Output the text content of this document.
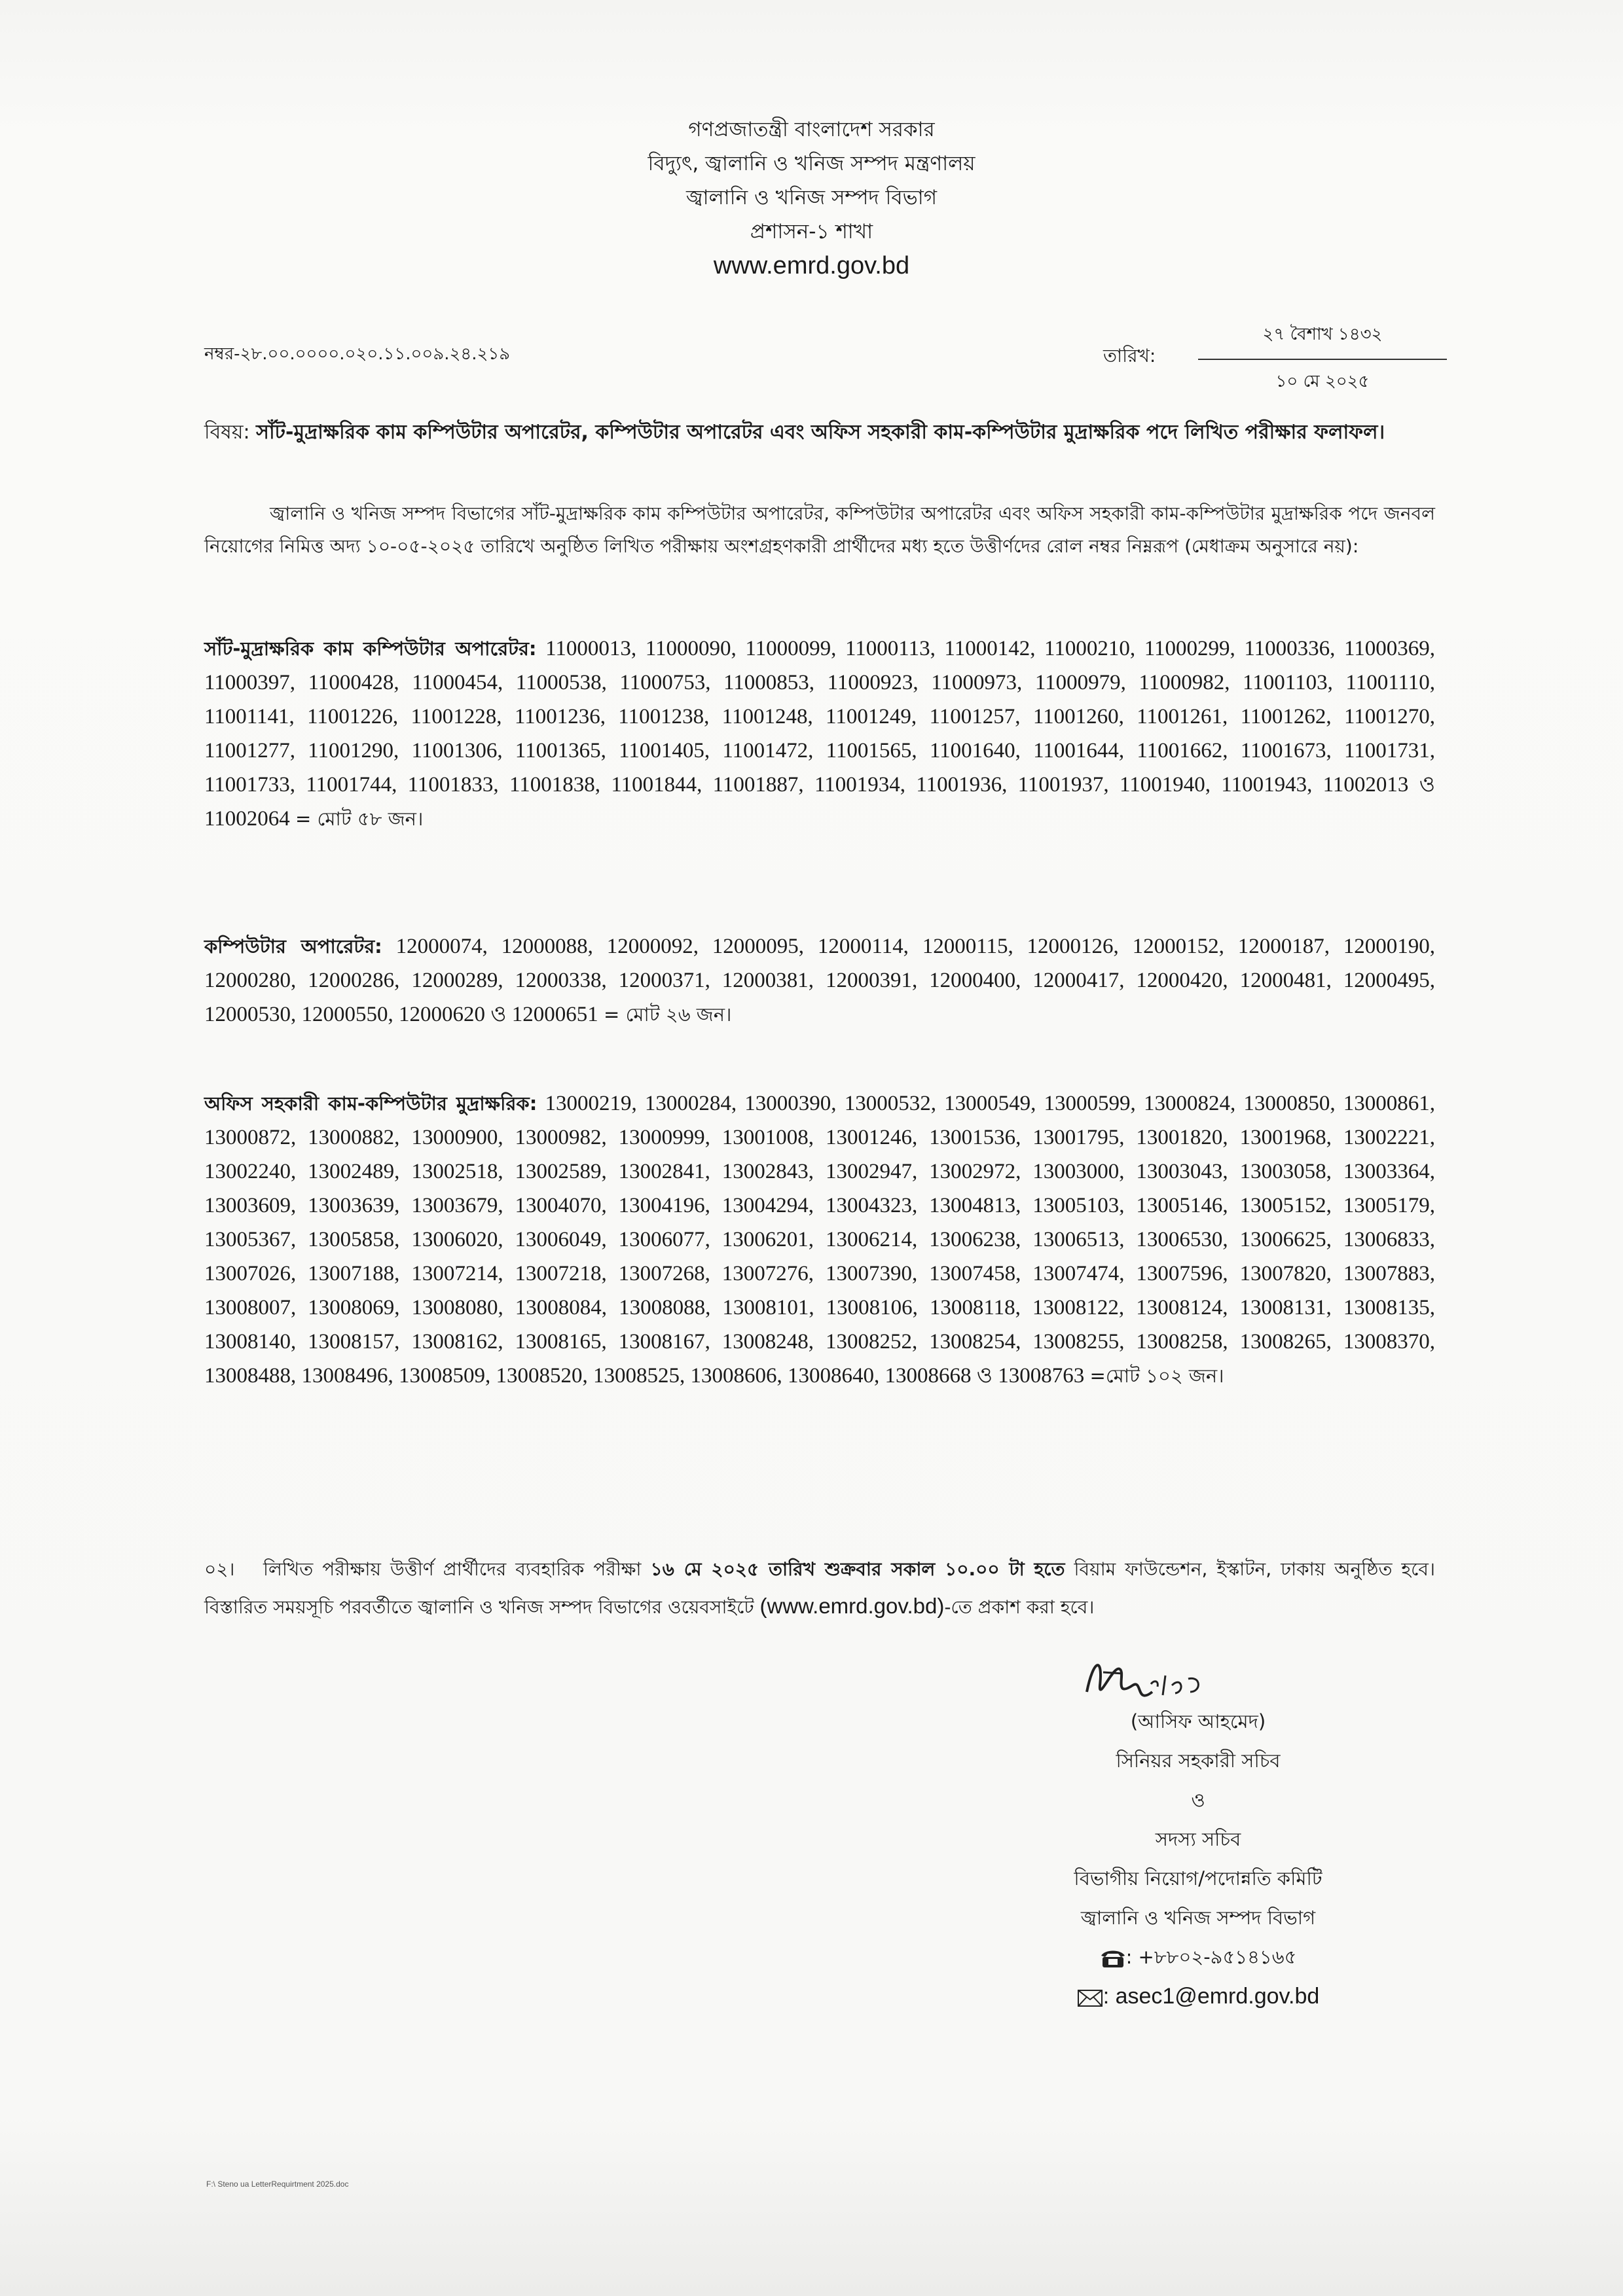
গণপ্রজাতন্ত্রী বাংলাদেশ সরকার
বিদ্যুৎ, জ্বালানি ও খনিজ সম্পদ মন্ত্রণালয়
জ্বালানি ও খনিজ সম্পদ বিভাগ
প্রশাসন-১ শাখা
www.emrd.gov.bd
নম্বর-২৮.০০.০০০০.০২০.১১.০০৯.২৪.২১৯	তারিখ:
২৭ বৈশাখ ১৪৩২
১০ মে ২০২৫
বিষয়: সাঁট-মুদ্রাক্ষরিক কাম কম্পিউটার অপারেটর, কম্পিউটার অপারেটর এবং অফিস সহকারী কাম-কম্পিউটার মুদ্রাক্ষরিক পদে লিখিত পরীক্ষার ফলাফল।
জ্বালানি ও খনিজ সম্পদ বিভাগের সাঁট-মুদ্রাক্ষরিক কাম কম্পিউটার অপারেটর, কম্পিউটার অপারেটর এবং অফিস সহকারী কাম-কম্পিউটার মুদ্রাক্ষরিক পদে জনবল নিয়োগের নিমিত্ত অদ্য ১০-০৫-২০২৫ তারিখে অনুষ্ঠিত লিখিত পরীক্ষায় অংশগ্রহণকারী প্রার্থীদের মধ্য হতে উত্তীর্ণদের রোল নম্বর নিম্নরূপ (মেধাক্রম অনুসারে নয়):
সাঁট-মুদ্রাক্ষরিক কাম কম্পিউটার অপারেটর: 11000013, 11000090, 11000099, 11000113, 11000142, 11000210, 11000299, 11000336, 11000369, 11000397, 11000428, 11000454, 11000538, 11000753, 11000853, 11000923, 11000973, 11000979, 11000982, 11001103, 11001110, 11001141, 11001226, 11001228, 11001236, 11001238, 11001248, 11001249, 11001257, 11001260, 11001261, 11001262, 11001270, 11001277, 11001290, 11001306, 11001365, 11001405, 11001472, 11001565, 11001640, 11001644, 11001662, 11001673, 11001731, 11001733, 11001744, 11001833, 11001838, 11001844, 11001887, 11001934, 11001936, 11001937, 11001940, 11001943, 11002013 ও 11002064 = মোট ৫৮ জন।
কম্পিউটার অপারেটর: 12000074, 12000088, 12000092, 12000095, 12000114, 12000115, 12000126, 12000152, 12000187, 12000190, 12000280, 12000286, 12000289, 12000338, 12000371, 12000381, 12000391, 12000400, 12000417, 12000420, 12000481, 12000495, 12000530, 12000550, 12000620 ও 12000651 = মোট ২৬ জন।
অফিস সহকারী কাম-কম্পিউটার মুদ্রাক্ষরিক: 13000219, 13000284, 13000390, 13000532, 13000549, 13000599, 13000824, 13000850, 13000861, 13000872, 13000882, 13000900, 13000982, 13000999, 13001008, 13001246, 13001536, 13001795, 13001820, 13001968, 13002221, 13002240, 13002489, 13002518, 13002589, 13002841, 13002843, 13002947, 13002972, 13003000, 13003043, 13003058, 13003364, 13003609, 13003639, 13003679, 13004070, 13004196, 13004294, 13004323, 13004813, 13005103, 13005146, 13005152, 13005179, 13005367, 13005858, 13006020, 13006049, 13006077, 13006201, 13006214, 13006238, 13006513, 13006530, 13006625, 13006833, 13007026, 13007188, 13007214, 13007218, 13007268, 13007276, 13007390, 13007458, 13007474, 13007596, 13007820, 13007883, 13008007, 13008069, 13008080, 13008084, 13008088, 13008101, 13008106, 13008118, 13008122, 13008124, 13008131, 13008135, 13008140, 13008157, 13008162, 13008165, 13008167, 13008248, 13008252, 13008254, 13008255, 13008258, 13008265, 13008370, 13008488, 13008496, 13008509, 13008520, 13008525, 13008606, 13008640, 13008668 ও 13008763 =মোট ১০২ জন।
০২। লিখিত পরীক্ষায় উত্তীর্ণ প্রার্থীদের ব্যবহারিক পরীক্ষা ১৬ মে ২০২৫ তারিখ শুক্রবার সকাল ১০.০০ টা হতে বিয়াম ফাউন্ডেশন, ইস্কাটন, ঢাকায় অনুষ্ঠিত হবে। বিস্তারিত সময়সূচি পরবর্তীতে জ্বালানি ও খনিজ সম্পদ বিভাগের ওয়েবসাইটে (www.emrd.gov.bd)-তে প্রকাশ করা হবে।
(আসিফ আহমেদ)
সিনিয়র সহকারী সচিব
ও
সদস্য সচিব
বিভাগীয় নিয়োগ/পদোন্নতি কমিটি
জ্বালানি ও খনিজ সম্পদ বিভাগ
: +৮৮০২-৯৫১৪১৬৫
: asec1@emrd.gov.bd
F:\ Steno ua LetterRequirtment 2025.doc
